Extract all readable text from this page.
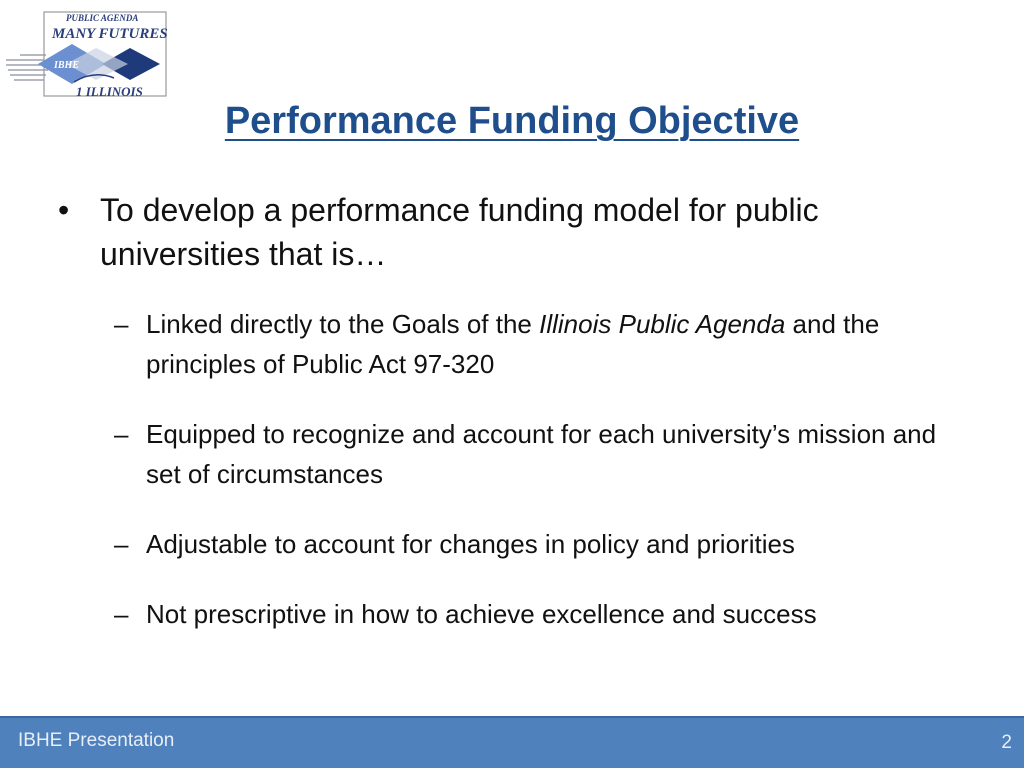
PUBLIC AGENDA
MANY FUTURES
IBHE
1 ILLINOIS
Performance Funding Objective

• To develop a performance funding model for public universities that is…

– Linked directly to the Goals of the Illinois Public Agenda and the principles of Public Act 97-320

– Equipped to recognize and account for each university’s mission and set of circumstances

– Adjustable to account for changes in policy and priorities

– Not prescriptive in how to achieve excellence and success

IBHE Presentation	2
